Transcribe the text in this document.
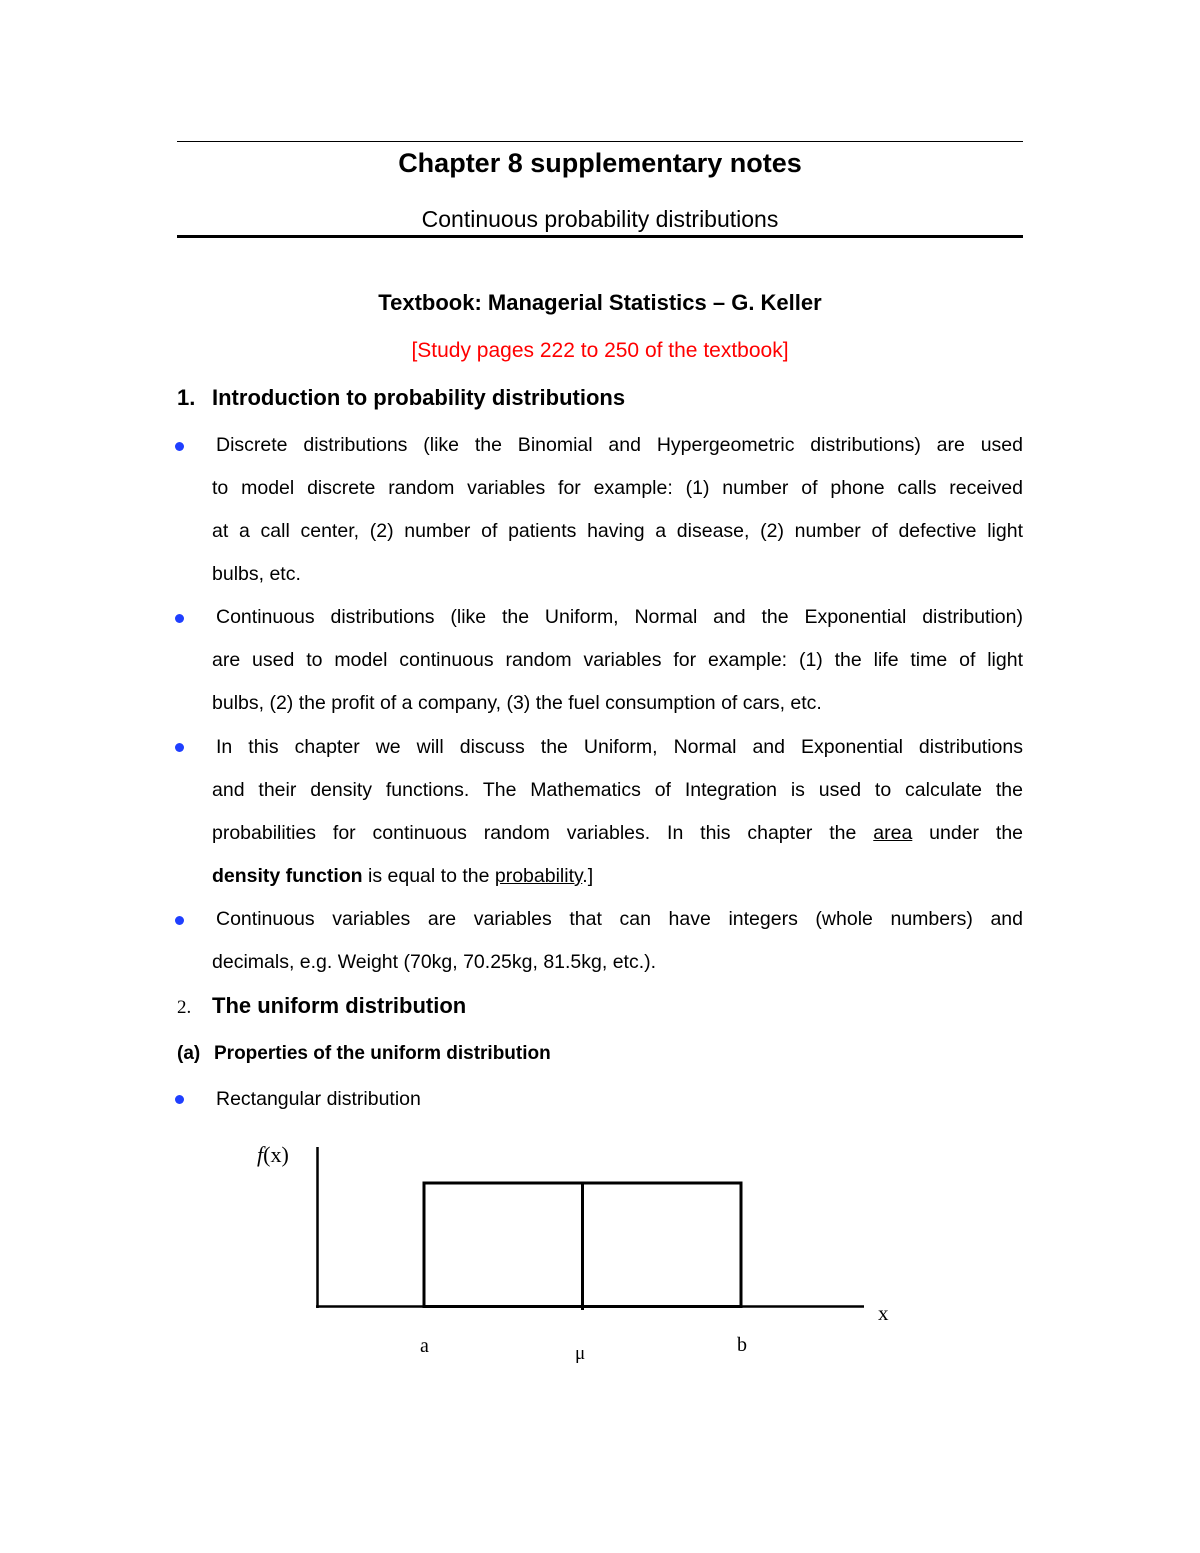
Chapter 8 supplementary notes
Continuous probability distributions
Textbook: Managerial Statistics – G. Keller
[Study pages 222 to 250 of the textbook]
1. Introduction to probability distributions
Discrete distributions (like the Binomial and Hypergeometric distributions) are used
to model discrete random variables for example: (1) number of phone calls received
at a call center, (2) number of patients having a disease, (2) number of defective light
bulbs, etc.
Continuous distributions (like the Uniform, Normal and the Exponential distribution)
are used to model continuous random variables for example: (1) the life time of light
bulbs, (2) the profit of a company, (3) the fuel consumption of cars, etc.
In this chapter we will discuss the Uniform, Normal and Exponential distributions
and their density functions. The Mathematics of Integration is used to calculate the
probabilities for continuous random variables. In this chapter the area under the
density function is equal to the probability.]
Continuous variables are variables that can have integers (whole numbers) and
decimals, e.g. Weight (70kg, 70.25kg, 81.5kg, etc.).
2. The uniform distribution
(a) Properties of the uniform distribution
Rectangular distribution
f(x)
x
a	μ	b
